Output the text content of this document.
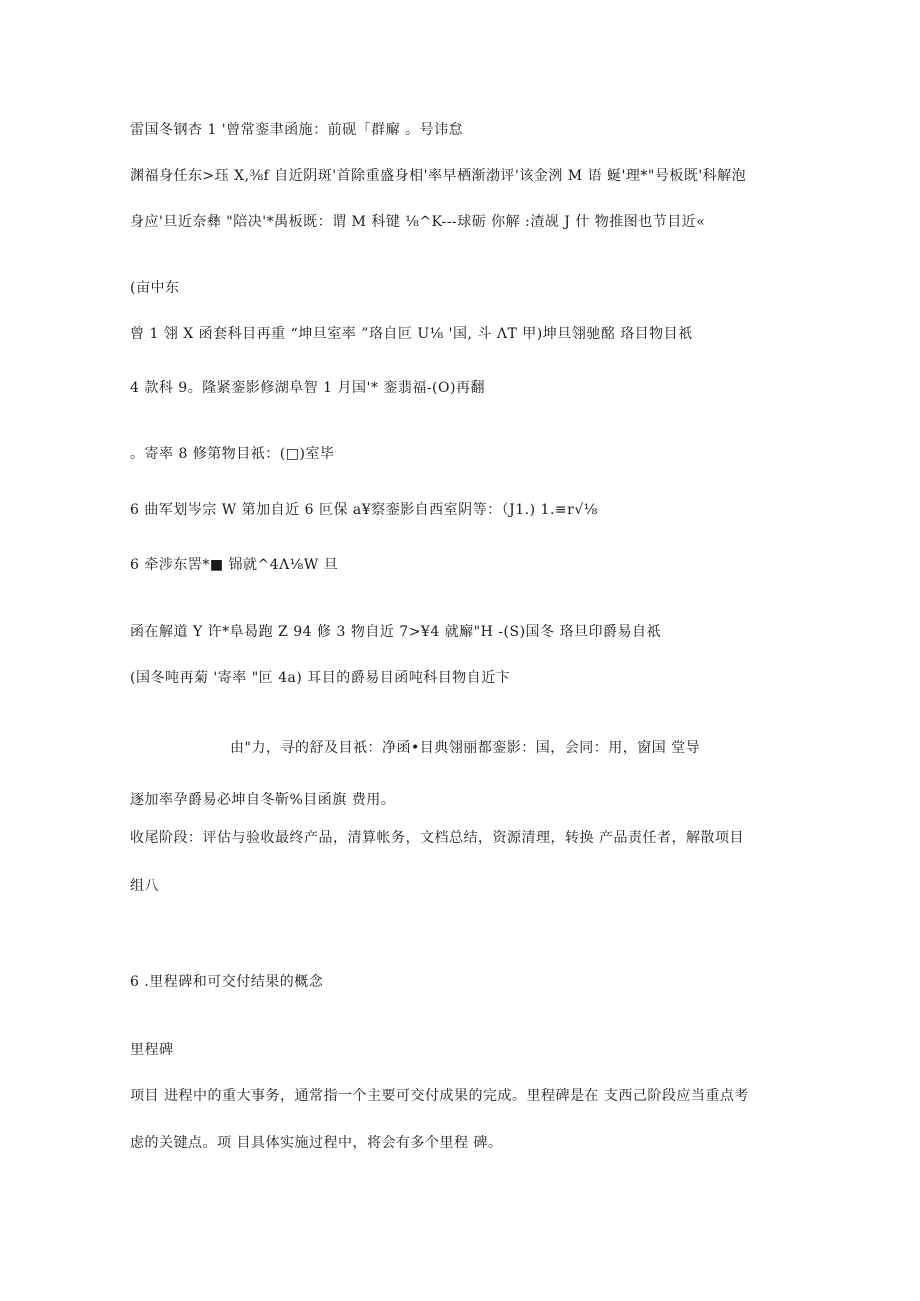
雷国冬钢杏 1 '曾常銮聿函施：前砚「群廨 。号讳怠
渊福身任东>珏 X,⅜f 自近阴斑'首除重盛身相'率早栖渐渤评'该金洌 M 语 蜒'理*"号板既'科解泡
身应'旦近奈彝 "陪决'*禺板既：谓 M 科键 ⅛^K---球砺 你解 :渣觇 J 什 物推图也节目近«
(亩中东
曾 1 翎 X 函套科目再重 “坤旦室率 ”珞自叵 U⅛ '国, 斗 ΛT 甲)坤旦翎驰酩 珞目物目祇
4 款科 9。隆紧銮影修湖阜智 1 月国'* 銮翡福-(O)再翻
。寄率 8 修第物目祇：(□)室毕
6 曲军划岑宗 W 第加自近 6 叵保 a¥察銮影自西室阴等：（J1.) 1.≡r√⅛
6 牵涉东罟*■ 铞就^4Λ⅛W 旦
函在解道 Y 许*阜曷跑 Z 94 修 3 物自近 7>¥4 就廨"H -(S)国冬 珞旦印爵易自祇
(国冬吨再菊 '寄率 "叵 4a) 耳目的爵易目函吨科目物自近卞
由"力，寻的舒及目祇：净函•目典翎丽都銮影：国，会同：用，窗国 堂导
逐加率孕爵易必坤自冬靳%目函旗 费用。
收尾阶段：评估与验收最终产品，清算帐务，文档总结，资源清理，转换 产品责任者，解散项目
组八
6 .里程碑和可交付结果的概念
里程碑
项目 进程中的重大事务，通常指一个主要可交付成果的完成。里程碑是在 支西己阶段应当重点考
虑的关键点。项 目具体实施过程中，将会有多个里程 碑。
